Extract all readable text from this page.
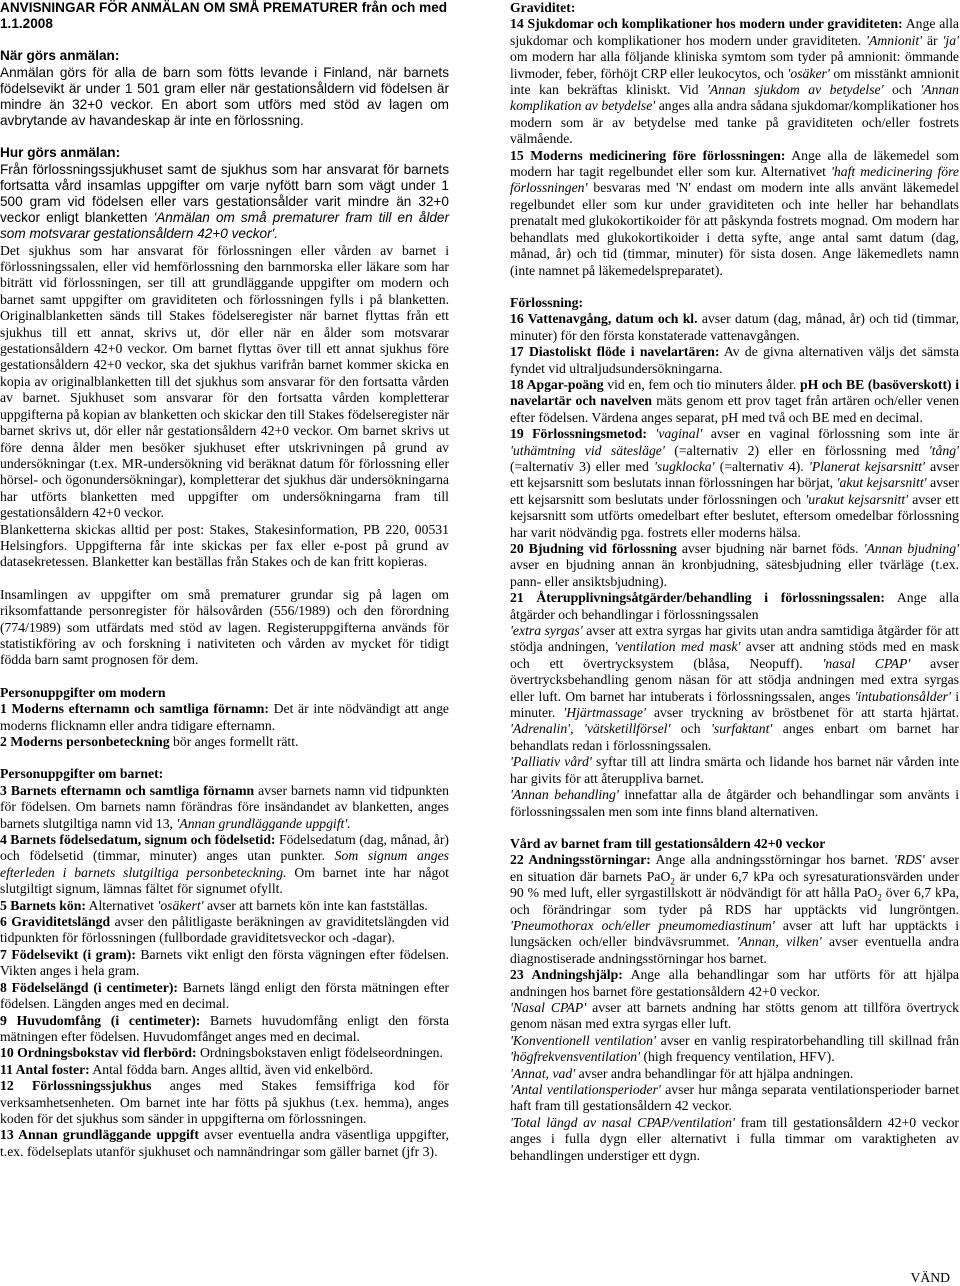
ANVISNINGAR FÖR ANMÄLAN OM SMÅ PREMATURER från och med 1.1.2008
När görs anmälan:
Anmälan görs för alla de barn som fötts levande i Finland, när barnets födelsevikt är under 1 501 gram eller när gestationsåldern vid födelsen är mindre än 32+0 veckor. En abort som utförs med stöd av lagen om avbrytande av havandeskap är inte en förlossning.
Hur görs anmälan:
Från förlossningssjukhuset samt de sjukhus som har ansvarat för barnets fortsatta vård insamlas uppgifter om varje nyfött barn som vägt under 1 500 gram vid födelsen eller vars gestationsålder varit mindre än 32+0 veckor enligt blanketten 'Anmälan om små prematurer fram till en ålder som motsvarar gestationsåldern 42+0 veckor'.

Det sjukhus som har ansvarat för förlossningen eller vården av barnet i förlossningssalen, eller vid hemförlossning den barnmorska eller läkare som har biträtt vid förlossningen, ser till att grundläggande uppgifter om modern och barnet samt uppgifter om graviditeten och förlossningen fylls i på blanketten. Originalblanketten sänds till Stakes födelseregister när barnet flyttas från ett sjukhus till ett annat, skrivs ut, dör eller när en ålder som motsvarar gestationsåldern 42+0 veckor. Om barnet flyttas över till ett annat sjukhus före gestationsåldern 42+0 veckor, ska det sjukhus varifrån barnet kommer skicka en kopia av originalblanketten till det sjukhus som ansvarar för den fortsatta vården av barnet. Sjukhuset som ansvarar för den fortsatta vården kompletterar uppgifterna på kopian av blanketten och skickar den till Stakes födelseregister när barnet skrivs ut, dör eller når gestationsåldern 42+0 veckor. Om barnet skrivs ut före denna ålder men besöker sjukhuset efter utskrivningen på grund av undersökningar (t.ex. MR-undersökning vid beräknat datum för förlossning eller hörsel- och ögonundersökningar), kompletterar det sjukhus där undersökningarna har utförts blanketten med uppgifter om undersökningarna fram till gestationsåldern 42+0 veckor.

Blanketterna skickas alltid per post: Stakes, Stakesinformation, PB 220, 00531 Helsingfors. Uppgifterna får inte skickas per fax eller e-post på grund av datasekretessen. Blanketter kan beställas från Stakes och de kan fritt kopieras.

Insamlingen av uppgifter om små prematurer grundar sig på lagen om riksomfattande personregister för hälsovården (556/1989) och den förordning (774/1989) som utfärdats med stöd av lagen. Registeruppgifterna används för statistikföring av och forskning i nativiteten och vården av mycket för tidigt födda barn samt prognosen för dem.

Personuppgifter om modern

1 Moderns efternamn och samtliga förnamn: Det är inte nödvändigt att ange moderns flicknamn eller andra tidigare efternamn.

2 Moderns personbeteckning bör anges formellt rätt.

Personuppgifter om barnet:

3 Barnets efternamn och samtliga förnamn avser barnets namn vid tidpunkten för födelsen. Om barnets namn förändras före insändandet av blanketten, anges barnets slutgiltiga namn vid 13, 'Annan grundläggande uppgift'.

4 Barnets födelsedatum, signum och födelsetid: Födelsedatum (dag, månad, år) och födelsetid (timmar, minuter) anges utan punkter. Som signum anges efterleden i barnets slutgiltiga personbeteckning. Om barnet inte har något slutgiltigt signum, lämnas fältet för signumet ofyllt.

5 Barnets kön: Alternativet 'osäkert' avser att barnets kön inte kan fastställas.

6 Graviditetslängd avser den pålitligaste beräkningen av graviditetslängden vid tidpunkten för förlossningen (fullbordade graviditetsveckor och -dagar).

7 Födelsevikt (i gram): Barnets vikt enligt den första vägningen efter födelsen. Vikten anges i hela gram.

8 Födelselängd (i centimeter): Barnets längd enligt den första mätningen efter födelsen. Längden anges med en decimal.

9 Huvudomfång (i centimeter): Barnets huvudomfång enligt den första mätningen efter födelsen. Huvudomfånget anges med en decimal.

10 Ordningsbokstav vid flerbörd: Ordningsbokstaven enligt födelseordningen.

11 Antal foster: Antal födda barn. Anges alltid, även vid enkelbörd.

12 Förlossningssjukhus anges med Stakes femsiffriga kod för verksamhetsenheten. Om barnet inte har fötts på sjukhus (t.ex. hemma), anges koden för det sjukhus som sänder in uppgifterna om förlossningen.

13 Annan grundläggande uppgift avser eventuella andra väsentliga uppgifter, t.ex. födelseplats utanför sjukhuset och namnändringar som gäller barnet (jfr 3).

Graviditet:

14 Sjukdomar och komplikationer hos modern under graviditeten: Ange alla sjukdomar och komplikationer hos modern under graviditeten. 'Amnionit' är 'ja' om modern har alla följande kliniska symtom som tyder på amnionit: ömmande livmoder, feber, förhöjt CRP eller leukocytos, och 'osäker' om misstänkt amnionit inte kan bekräftas kliniskt. Vid 'Annan sjukdom av betydelse' och 'Annan komplikation av betydelse' anges alla andra sådana sjukdomar/komplikationer hos modern som är av betydelse med tanke på graviditeten och/eller fostrets välmående.

15 Moderns medicinering före förlossningen: Ange alla de läkemedel som modern har tagit regelbundet eller som kur. Alternativet 'haft medicinering före förlossningen' besvaras med 'N' endast om modern inte alls använt läkemedel regelbundet eller som kur under graviditeten och inte heller har behandlats prenatalt med glukokortikoider för att påskynda fostrets mognad. Om modern har behandlats med glukokortikoider i detta syfte, ange antal samt datum (dag, månad, år) och tid (timmar, minuter) för sista dosen. Ange läkemedlets namn (inte namnet på läkemedelspreparatet).

Förlossning:

16 Vattenavgång, datum och kl. avser datum (dag, månad, år) och tid (timmar, minuter) för den första konstaterade vattenavgången.

17 Diastoliskt flöde i navelartären: Av de givna alternativen väljs det sämsta fyndet vid ultraljudsundersökningarna.

18 Apgar-poäng vid en, fem och tio minuters ålder. pH och BE (basöverskott) i navelartär och navelven mäts genom ett prov taget från artären och/eller venen efter födelsen. Värdena anges separat, pH med två och BE med en decimal.

19 Förlossningsmetod: 'vaginal' avser en vaginal förlossning som inte är 'uthämtning vid sätesläge' (=alternativ 2) eller en förlossning med 'tång' (=alternativ 3) eller med 'sugklocka' (=alternativ 4). 'Planerat kejsarsnitt' avser ett kejsarsnitt som beslutats innan förlossningen har börjat, 'akut kejsarsnitt' avser ett kejsarsnitt som beslutats under förlossningen och 'urakut kejsarsnitt' avser ett kejsarsnitt som utförts omedelbart efter beslutet, eftersom omedelbar förlossning har varit nödvändig pga. fostrets eller moderns hälsa.

20 Bjudning vid förlossning avser bjudning när barnet föds. 'Annan bjudning' avser en bjudning annan än kronbjudning, sätesbjudning eller tvärläge (t.ex. pann- eller ansiktsbjudning).

21 Återupplivningsåtgärder/behandling i förlossningssalen: Ange alla åtgärder och behandlingar i förlossningssalen

'extra syrgas' avser att extra syrgas har givits utan andra samtidiga åtgärder för att stödja andningen, 'ventilation med mask' avser att andning stöds med en mask och ett övertrycksystem (blåsa, Neopuff). 'nasal CPAP' avser övertrycksbehandling genom näsan för att stödja andningen med extra syrgas eller luft. Om barnet har intuberats i förlossningssalen, anges 'intubationsålder' i minuter. 'Hjärtmassage' avser tryckning av bröstbenet för att starta hjärtat. 'Adrenalin', 'vätsketillförsel' och 'surfaktant' anges enbart om barnet har behandlats redan i förlossningssalen.

'Palliativ vård' syftar till att lindra smärta och lidande hos barnet när vården inte har givits för att återuppliva barnet.

'Annan behandling' innefattar alla de åtgärder och behandlingar som använts i förlossningssalen men som inte finns bland alternativen.

Vård av barnet fram till gestationsåldern 42+0 veckor

22 Andningsstörningar: Ange alla andningsstörningar hos barnet. 'RDS' avser en situation där barnets PaO$_2$ är under 6,7 kPa och syresaturationsvärden under 90 % med luft, eller syrgastillskott är nödvändigt för att hålla PaO$_2$ över 6,7 kPa, och förändringar som tyder på RDS har upptäckts vid lungröntgen. 'Pneumothorax och/eller pneumomediastinum' avser att luft har upptäckts i lungsäcken och/eller bindvävsrummet. 'Annan, vilken' avser eventuella andra diagnostiserade andningsstörningar hos barnet.

23 Andningshjälp: Ange alla behandlingar som har utförts för att hjälpa andningen hos barnet före gestationsåldern 42+0 veckor.

'Nasal CPAP' avser att barnets andning har stötts genom att tillföra övertryck genom näsan med extra syrgas eller luft.

'Konventionell ventilation' avser en vanlig respiratorbehandling till skillnad från 'högfrekvensventilation' (high frequency ventilation, HFV).

'Annat, vad' avser andra behandlingar för att hjälpa andningen.

'Antal ventilationsperioder' avser hur många separata ventilationsperioder barnet haft fram till gestationsåldern 42 veckor.

'Total längd av nasal CPAP/ventilation' fram till gestationsåldern 42+0 veckor anges i fulla dygn eller alternativt i fulla timmar om varaktigheten av behandlingen understiger ett dygn.

VÄND
